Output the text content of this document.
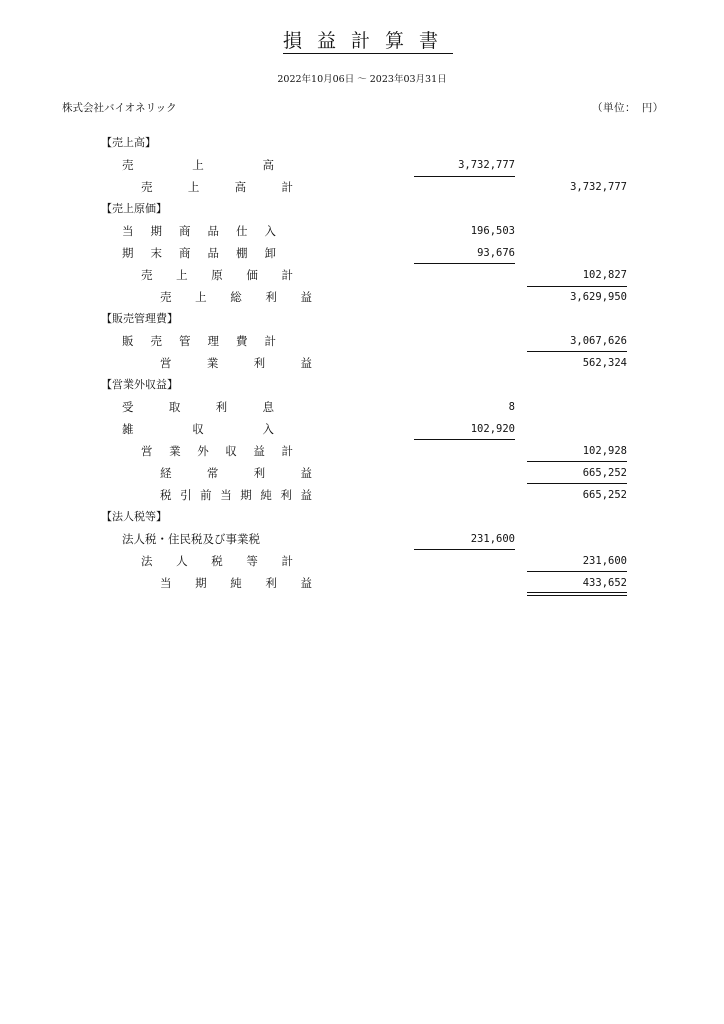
損益計算書
2022年10月06日 ～ 2023年03月31日
株式会社バイオネリック	（単位：　円）
【売上高】
売	上	高	3,732,777
売	上	高	計	3,732,777
【売上原価】
当 期 商 品 仕 入	196,503
期 末 商 品 棚 卸	93,676
売 上 原 価 計	102,827
売 上 総 利 益	3,629,950
【販売管理費】
販 売 管 理 費 計	3,067,626
営	業	利	益	562,324
【営業外収益】
受	取	利	息	8
雑	収	入	102,920
営 業 外 収 益 計	102,928
経	常	利	益	665,252
税 引 前 当 期 純 利 益	665,252
【法人税等】
法人税・住民税及び事業税	231,600
法 人 税 等 計	231,600
当 期 純 利 益	433,652
